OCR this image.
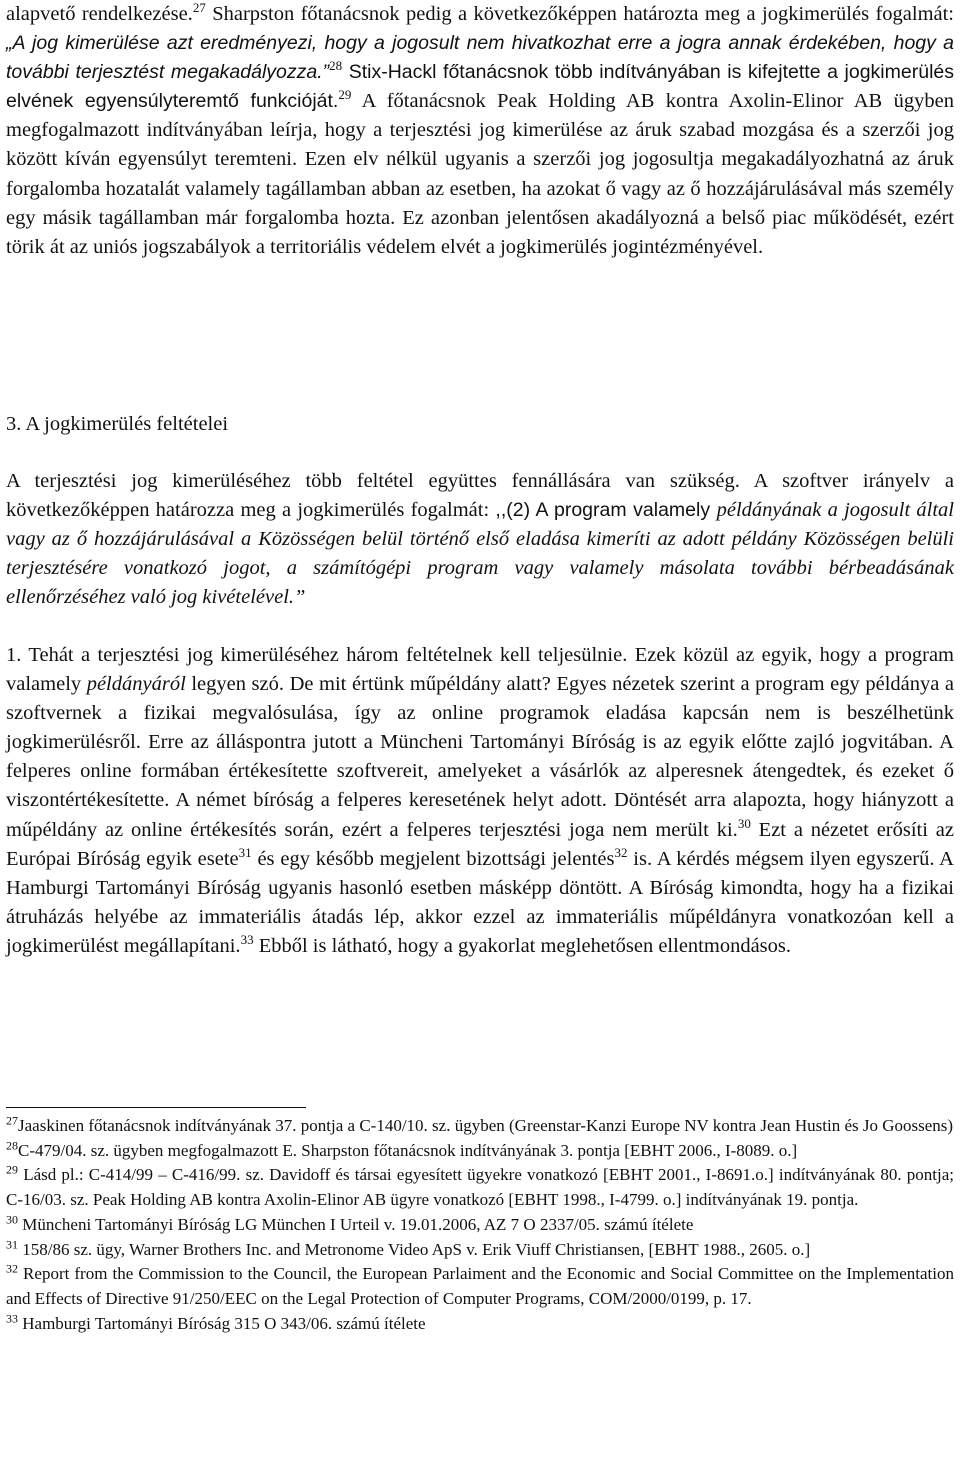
alapvető rendelkezése.$^{27}$ Sharpston főtanácsnok pedig a következőképpen határozta meg a jogkimerülés fogalmát: „A jog kimerülése azt eredményezi, hogy a jogosult nem hivatkozhat erre a jogra annak érdekében, hogy a további terjesztést megakadályozza.”$^{28}$ Stix-Hackl főtanácsnok több indítványában is kifejtette a jogkimerülés elvének egyensúlyteremtő funkcióját.$^{29}$ A főtanácsnok Peak Holding AB kontra Axolin-Elinor AB ügyben megfogalmazott indítványában leírja, hogy a terjesztési jog kimerülése az áruk szabad mozgása és a szerzői jog között kíván egyensúlyt teremteni. Ezen elv nélkül ugyanis a szerzői jog jogosultja megakadályozhatná az áruk forgalomba hozatalát valamely tagállamban abban az esetben, ha azokat ő vagy az ő hozzájárulásával más személy egy másik tagállamban már forgalomba hozta. Ez azonban jelentősen akadályozná a belső piac működését, ezért törik át az uniós jogszabályok a territoriális védelem elvét a jogkimerülés jogintézményével.

3. A jogkimerülés feltételei

A terjesztési jog kimerüléséhez több feltétel együttes fennállására van szükség. A szoftver irányelv a következőképpen határozza meg a jogkimerülés fogalmát: ,,(2) A program valamely példányának a jogosult által vagy az ő hozzájárulásával a Közösségen belül történő első eladása kimeríti az adott példány Közösségen belüli terjesztésére vonatkozó jogot, a számítógépi program vagy valamely másolata további bérbeadásának ellenőrzéséhez való jog kivételével.”

1. Tehát a terjesztési jog kimerüléséhez három feltételnek kell teljesülnie. Ezek közül az egyik, hogy a program valamely példányáról legyen szó. De mit értünk műpéldány alatt? Egyes nézetek szerint a program egy példánya a szoftvernek a fizikai megvalósulása, így az online programok eladása kapcsán nem is beszélhetünk jogkimerülésről. Erre az álláspontra jutott a Müncheni Tartományi Bíróság is az egyik előtte zajló jogvitában. A felperes online formában értékesítette szoftvereit, amelyeket a vásárlók az alperesnek átengedtek, és ezeket ő viszontértékesítette. A német bíróság a felperes keresetének helyt adott. Döntését arra alapozta, hogy hiányzott a műpéldány az online értékesítés során, ezért a felperes terjesztési joga nem merült ki.$^{30}$ Ezt a nézetet erősíti az Európai Bíróság egyik esete$^{31}$ és egy később megjelent bizottsági jelentés$^{32}$ is. A kérdés mégsem ilyen egyszerű. A Hamburgi Tartományi Bíróság ugyanis hasonló esetben másképp döntött. A Bíróság kimondta, hogy ha a fizikai átruházás helyébe az immateriális átadás lép, akkor ezzel az immateriális műpéldányra vonatkozóan kell a jogkimerülést megállapítani.$^{33}$ Ebből is látható, hogy a gyakorlat meglehetősen ellentmondásos.

$^{27}$Jaaskinen főtanácsnok indítványának 37. pontja a C-140/10. sz. ügyben (Greenstar-Kanzi Europe NV kontra Jean Hustin és Jo Goossens)

$^{28}$C-479/04. sz. ügyben megfogalmazott E. Sharpston főtanácsnok indítványának 3. pontja [EBHT 2006., I-8089. o.]

$^{29}$ Lásd pl.: C-414/99 – C-416/99. sz. Davidoff és társai egyesített ügyekre vonatkozó [EBHT 2001., I-8691.o.] indítványának 80. pontja; C-16/03. sz. Peak Holding AB kontra Axolin-Elinor AB ügyre vonatkozó [EBHT 1998., I-4799. o.] indítványának 19. pontja.

$^{30}$ Müncheni Tartományi Bíróság LG München I Urteil v. 19.01.2006, AZ 7 O 2337/05. számú ítélete

$^{31}$ 158/86 sz. ügy, Warner Brothers Inc. and Metronome Video ApS v. Erik Viuff Christiansen, [EBHT 1988., 2605. o.]

$^{32}$ Report from the Commission to the Council, the European Parlaiment and the Economic and Social Committee on the Implementation and Effects of Directive 91/250/EEC on the Legal Protection of Computer Programs, COM/2000/0199, p. 17.

$^{33}$ Hamburgi Tartományi Bíróság 315 O 343/06. számú ítélete
